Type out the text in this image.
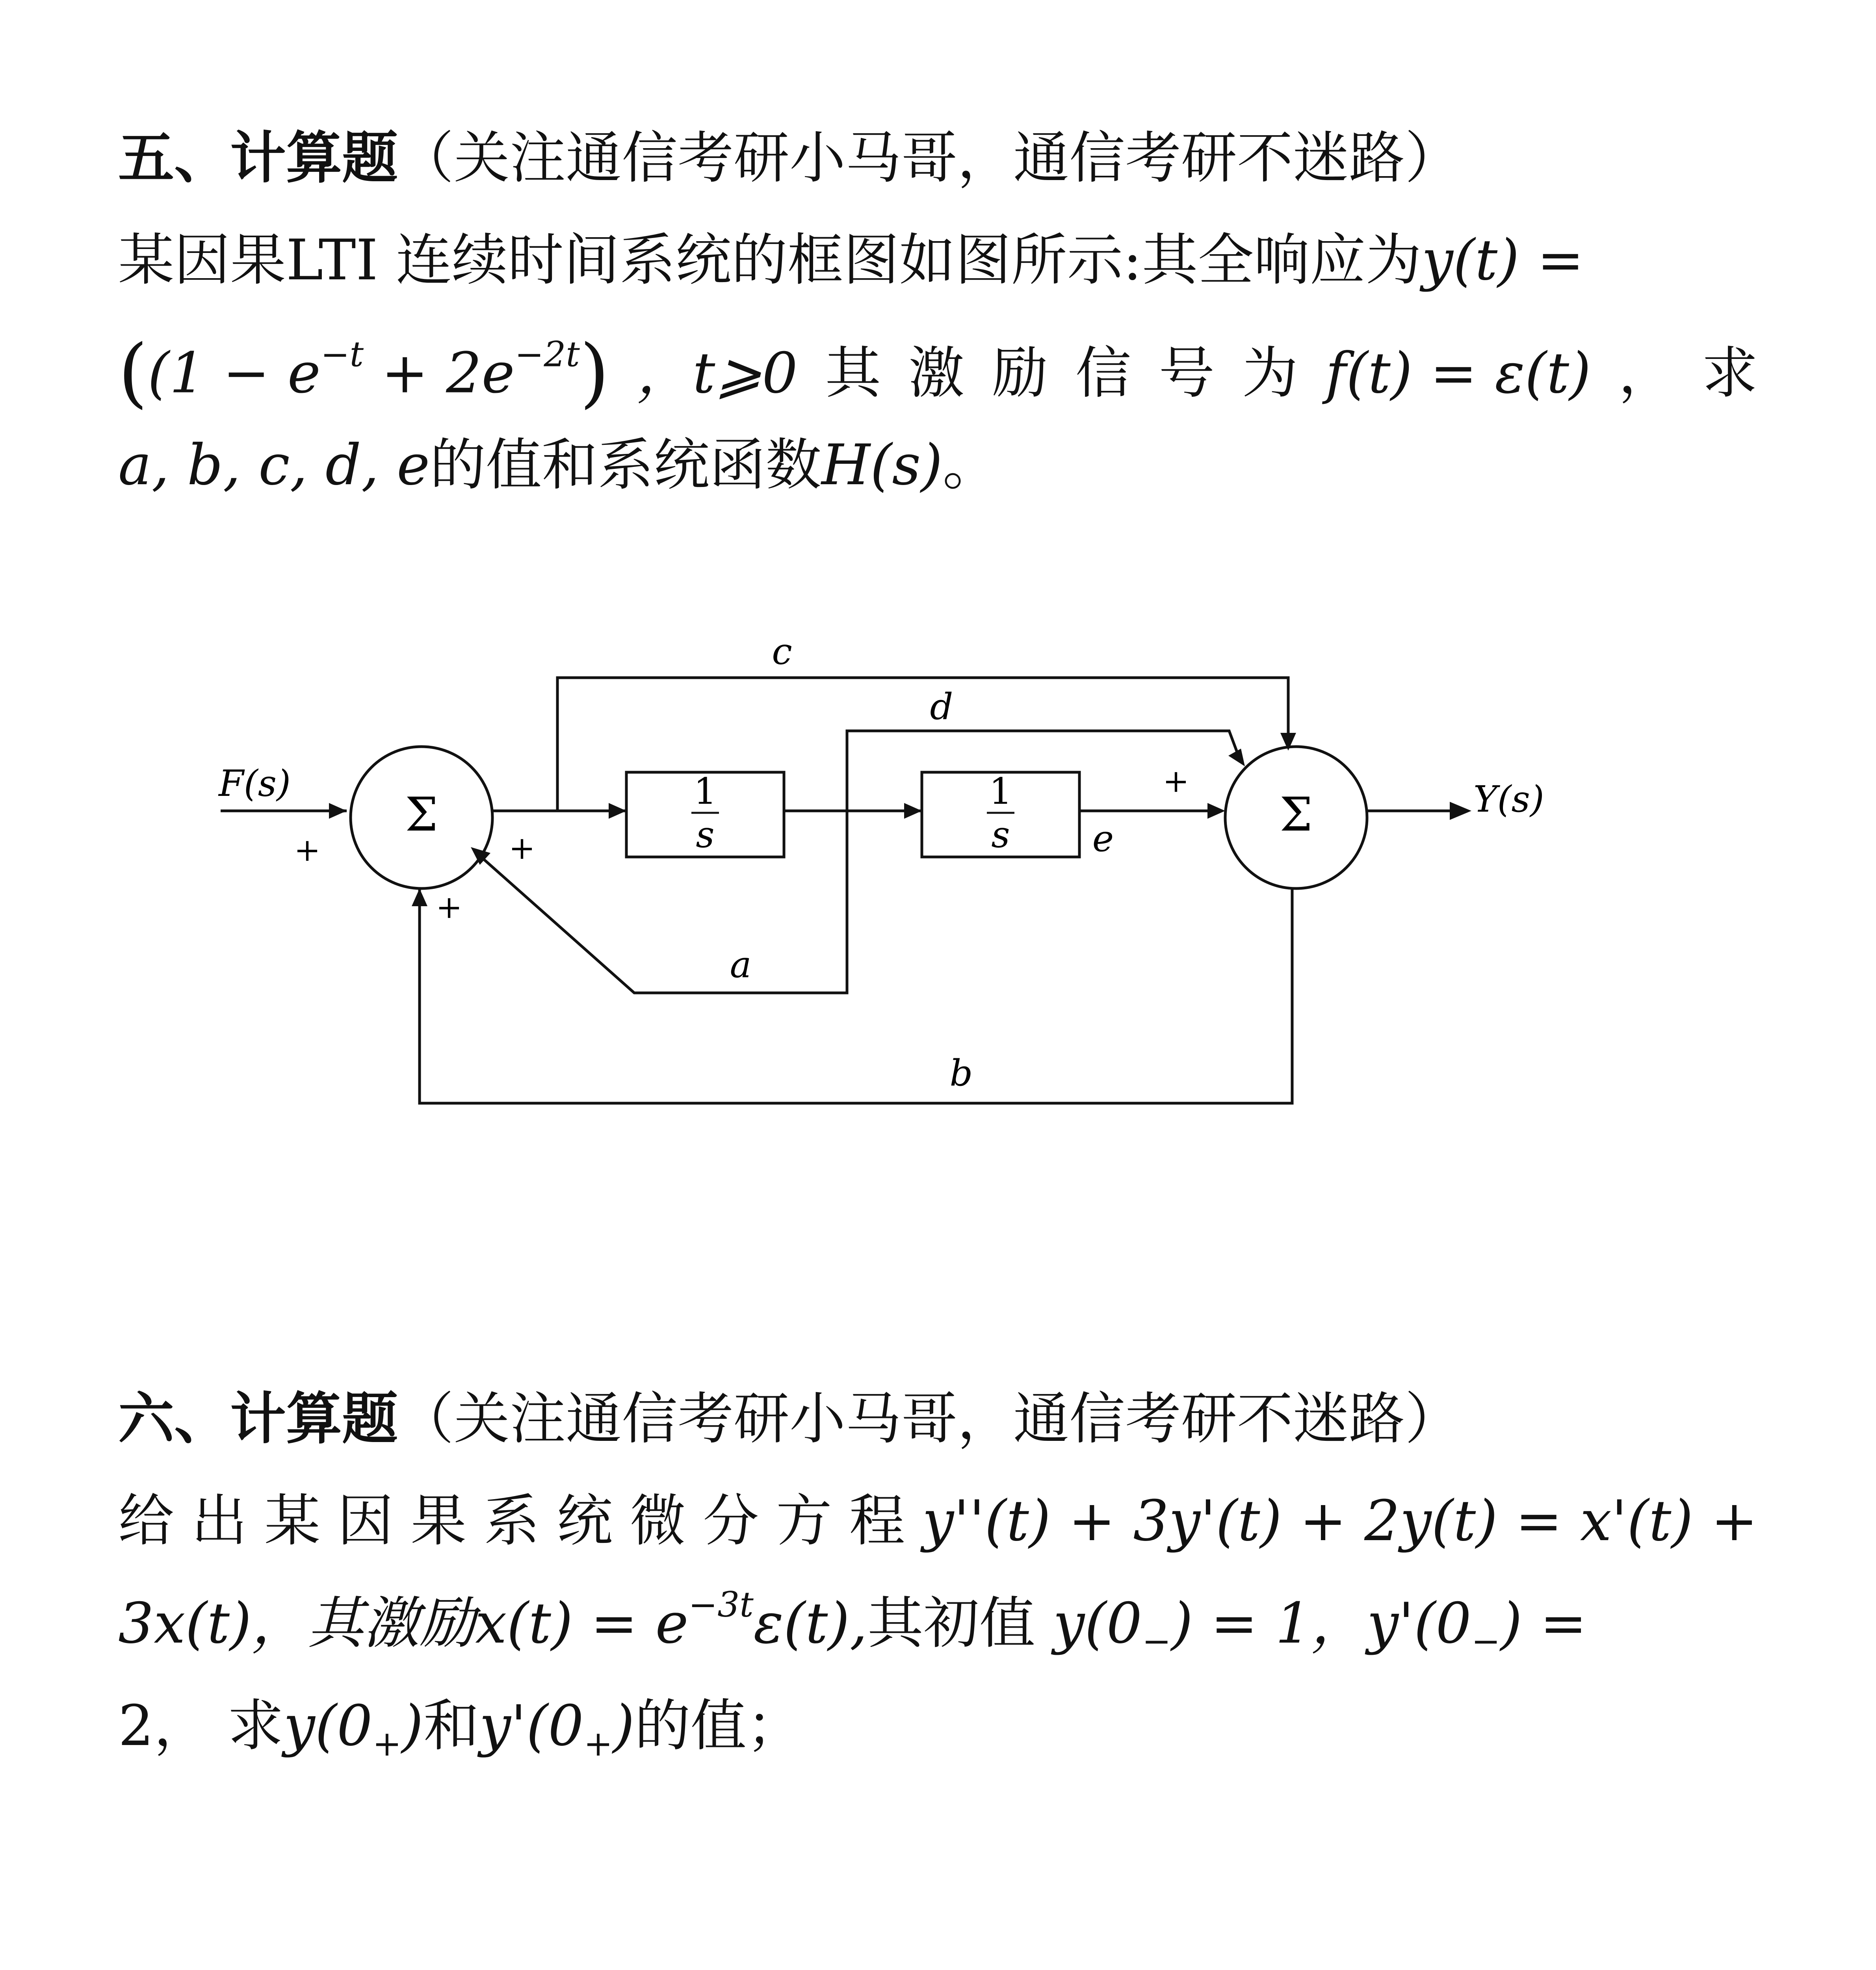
五、计算题（关注通信考研小马哥，通信考研不迷路）
某因果LTI 连续时间系统的框图如图所示:其全响应为y(t) =
($(1 - e^{-t} + 2e^{-2t})$ ，t⩾0 其 激 励 信 号 为 f(t) = ε(t) ， 求
a, b, c, d, e的值和系统函数H(s)。
F(s)	Y(s)
Σ	Σ
1
s
1
s
c
d
e
a
b
+	+
+
+
六、计算题（关注通信考研小马哥，通信考研不迷路）
给 出 某 因 果 系 统 微 分 方 程 y''(t) + 3y'(t) + 2y(t) = x'(t) +
3x(t)，其激励$x(t) = e^{-3t}\varepsilon(t)$,其初值 $y(0_-) = 1$，$y'(0_-)$ =
2， 求$y(0_+)$和$y'(0_+)$的值；
